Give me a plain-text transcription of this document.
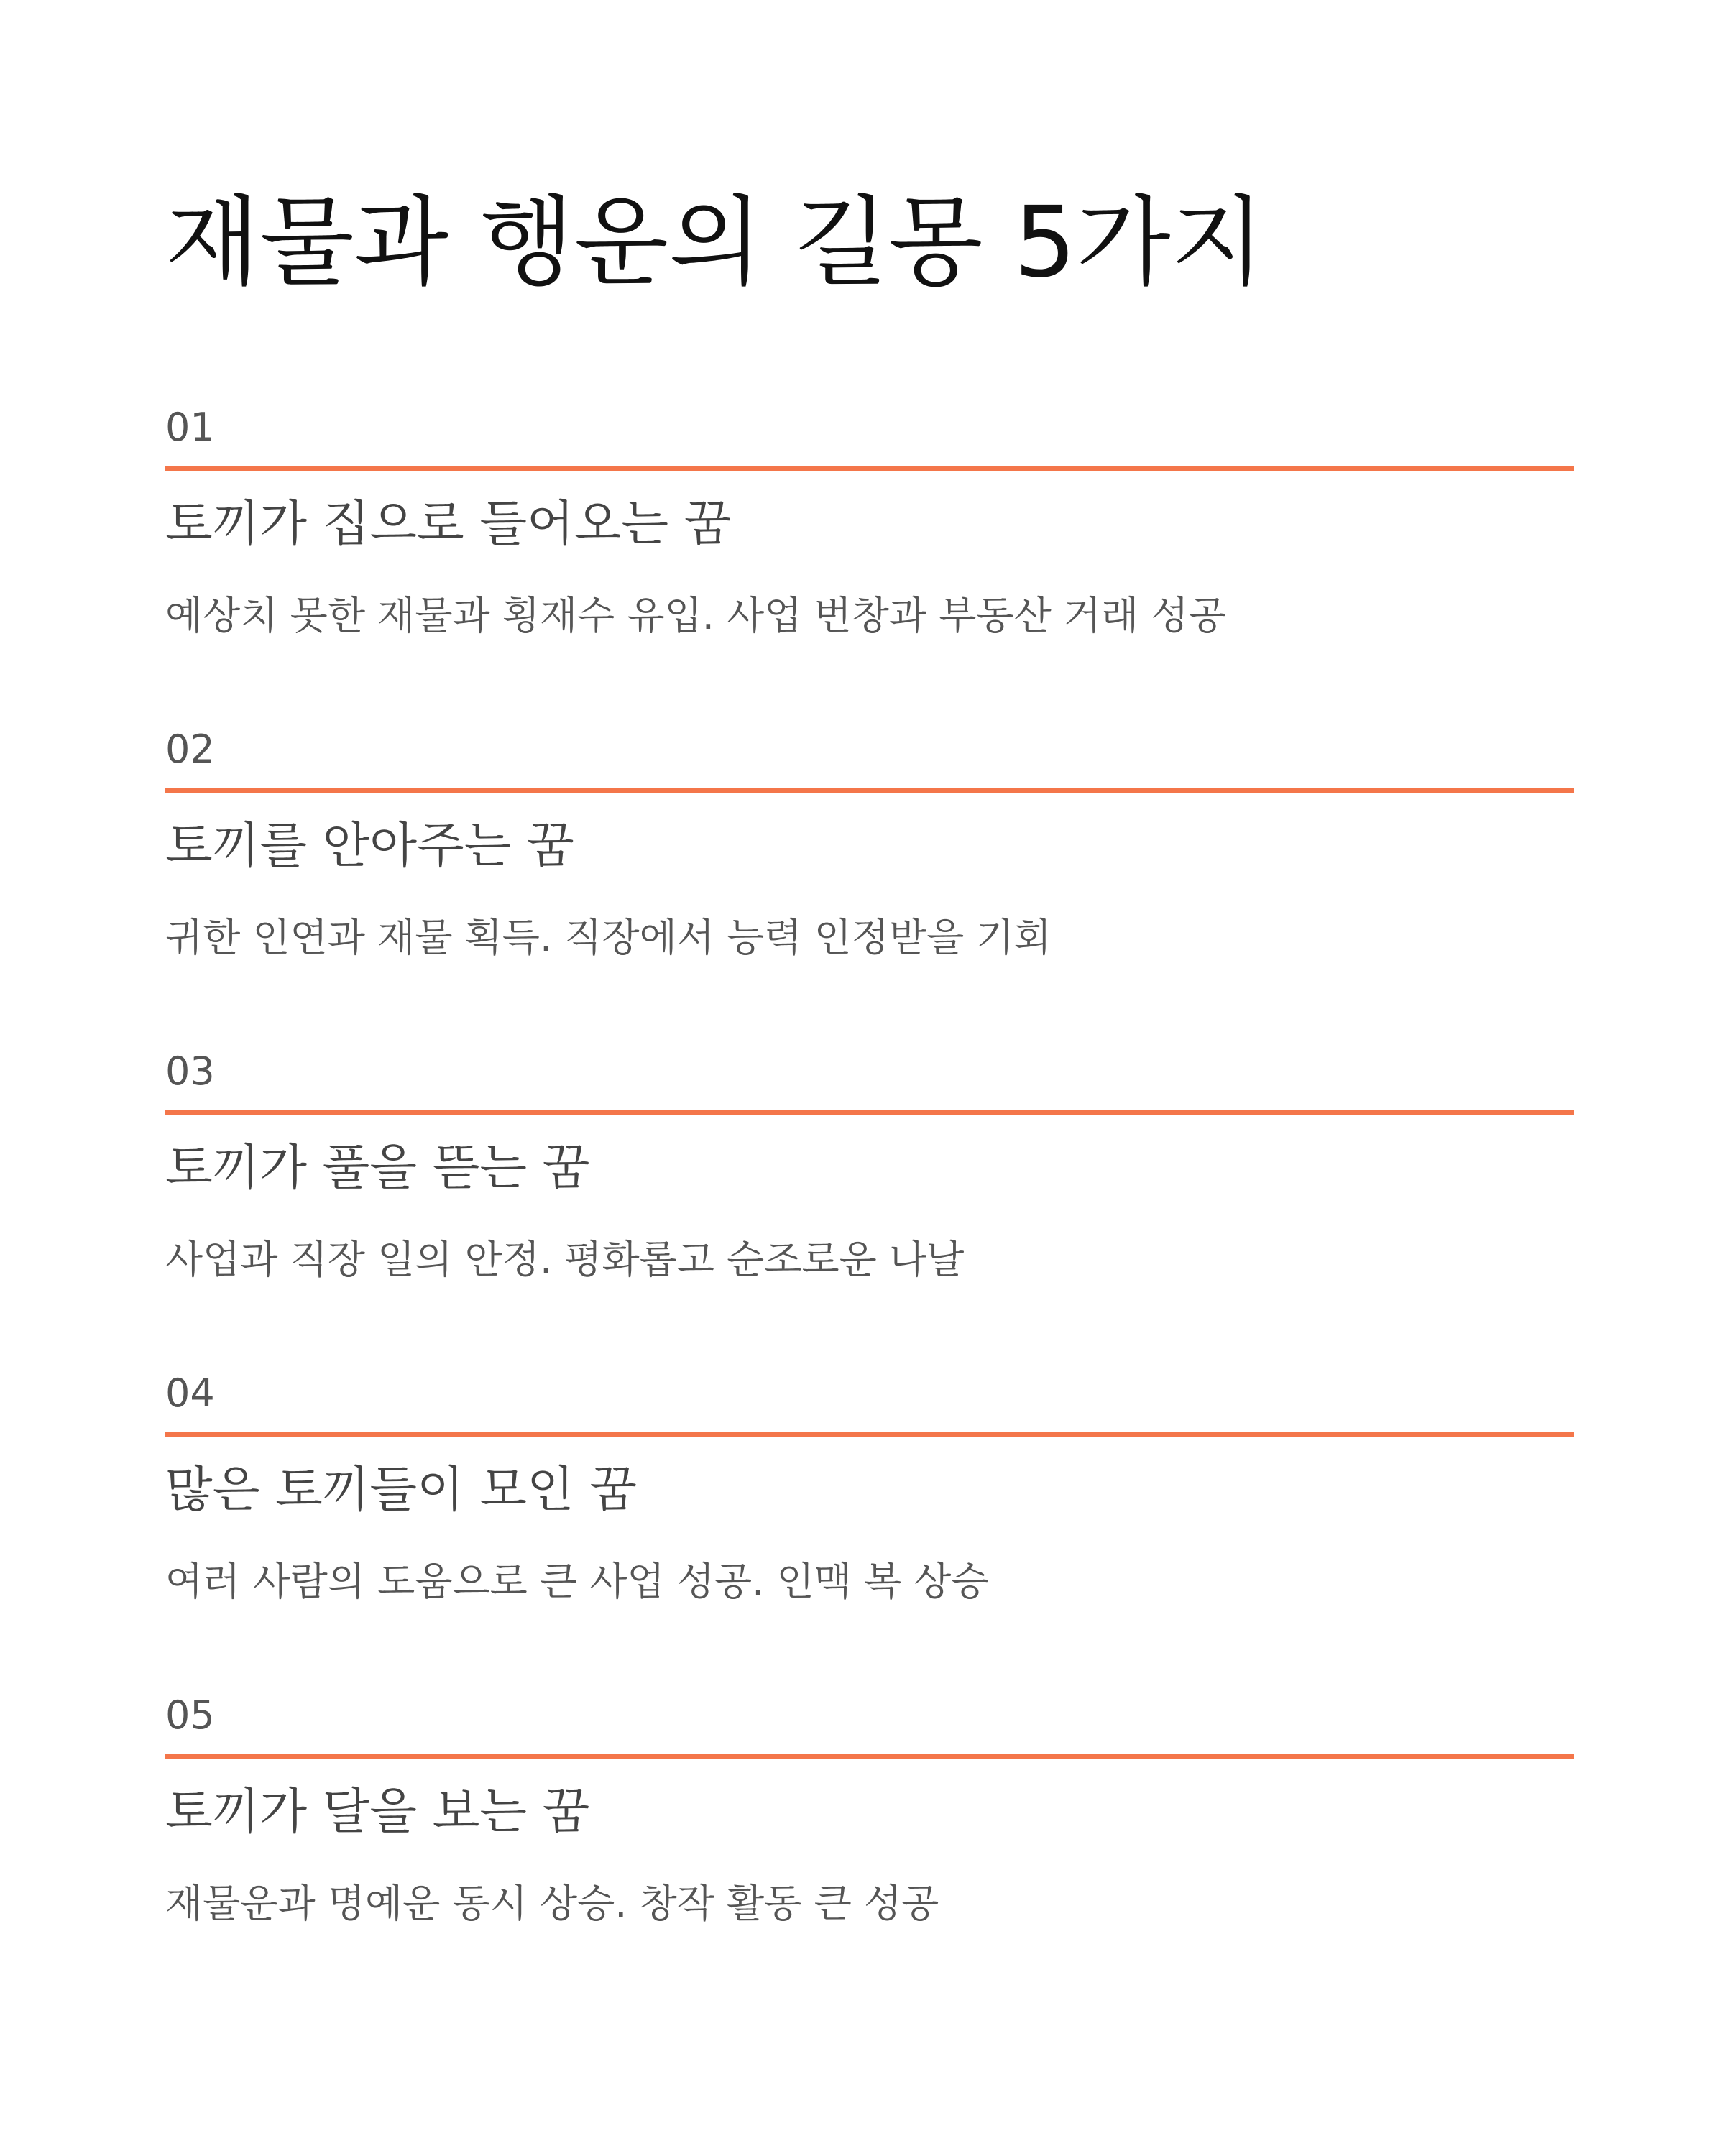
재물과 행운의 길몽 5가지
01
토끼가 집으로 들어오는 꿈
예상치 못한 재물과 횡재수 유입. 사업 번창과 부동산 거래 성공
02
토끼를 안아주는 꿈
귀한 인연과 재물 획득. 직장에서 능력 인정받을 기회
03
토끼가 풀을 뜯는 꿈
사업과 직장 일의 안정. 평화롭고 순조로운 나날
04
많은 토끼들이 모인 꿈
여러 사람의 도움으로 큰 사업 성공. 인맥 복 상승
05
토끼가 달을 보는 꿈
재물운과 명예운 동시 상승. 창작 활동 큰 성공
